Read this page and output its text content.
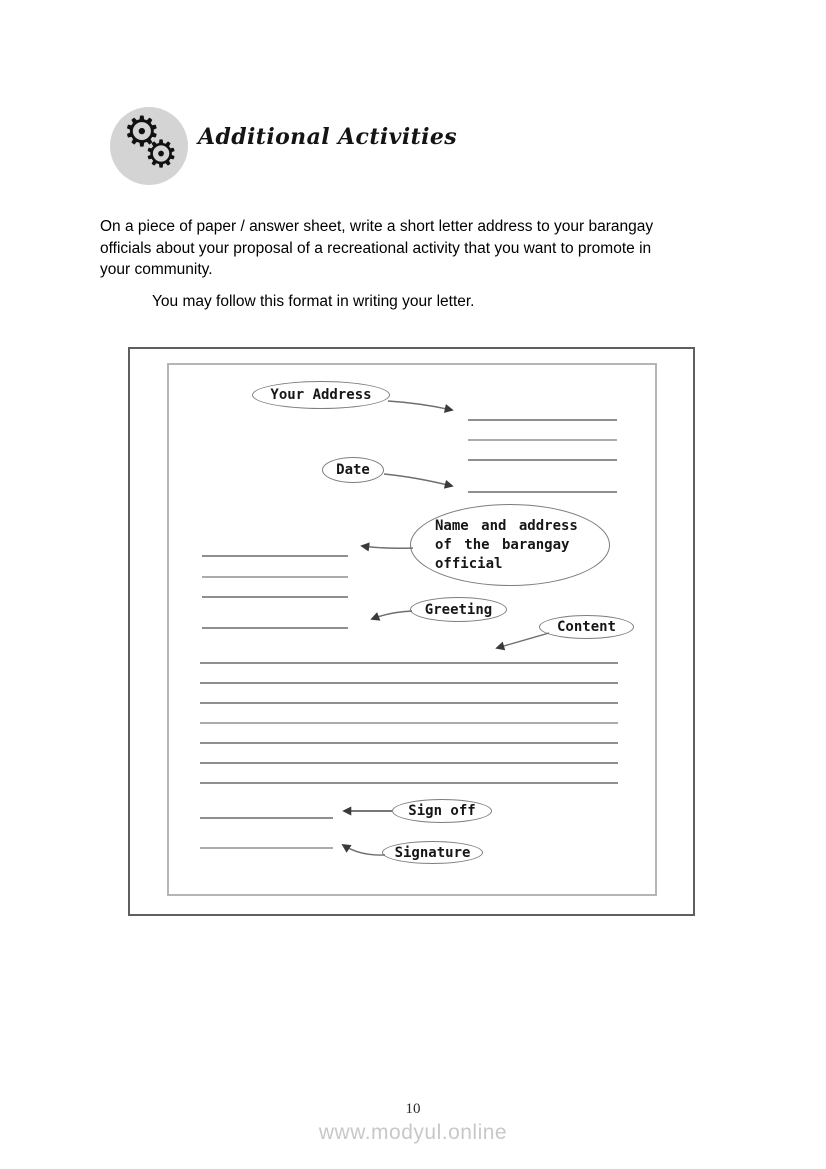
⚙
⚙ Additional Activities
On a piece of paper / answer sheet, write a short letter address to your barangay
officials about your proposal of a recreational activity that you want to promote in
your community.
You may follow this format in writing your letter.
Your Address
Date
Name and address
of the barangay
official
Greeting
Content
Sign off
Signature
10
www.modyul.online
